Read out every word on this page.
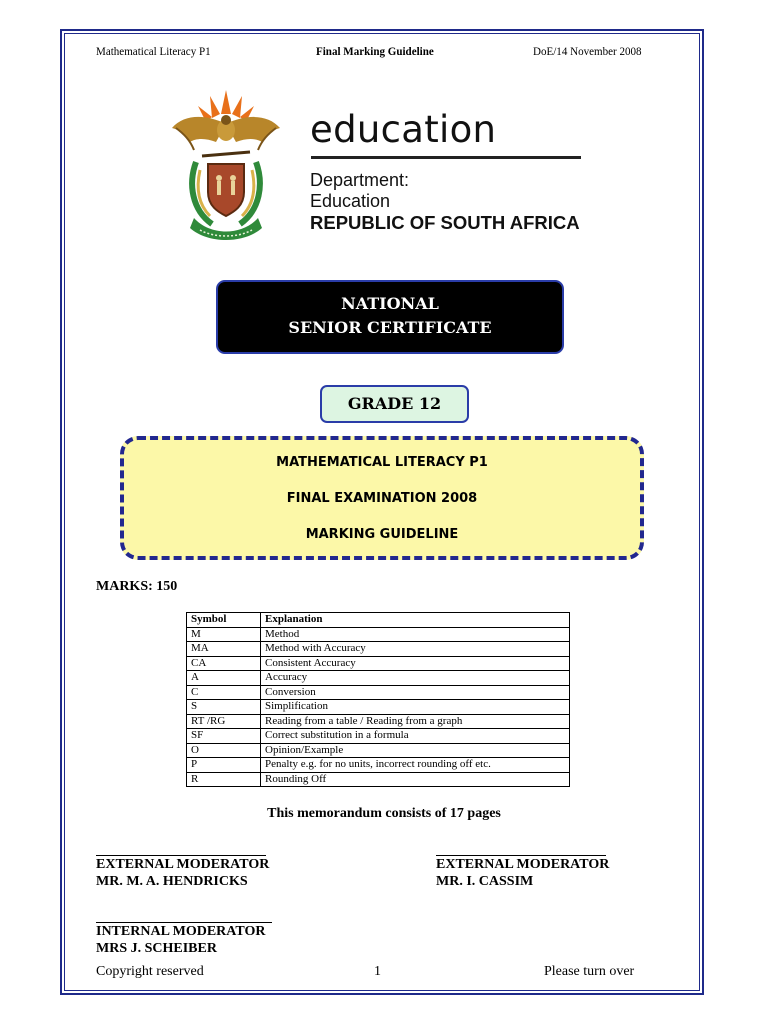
Mathematical Literacy P1	Final Marking Guideline	DoE/14 November 2008
education
Department:
Education
REPUBLIC OF SOUTH AFRICA
NATIONAL
SENIOR CERTIFICATE
GRADE 12
MATHEMATICAL LITERACY P1
FINAL EXAMINATION 2008
MARKING GUIDELINE
MARKS: 150
Symbol	Explanation
M	Method
MA	Method with Accuracy
CA	Consistent Accuracy
A	Accuracy
C	Conversion
S	Simplification
RT /RG	Reading from a table / Reading from a graph
SF	Correct substitution in a formula
O	Opinion/Example
P	Penalty e.g. for no units, incorrect rounding off etc.
R	Rounding Off
This memorandum consists of 17 pages
EXTERNAL MODERATOR
MR. M. A. HENDRICKS
EXTERNAL MODERATOR
MR. I. CASSIM
INTERNAL MODERATOR
MRS J. SCHEIBER
Copyright reserved	1	Please turn over
